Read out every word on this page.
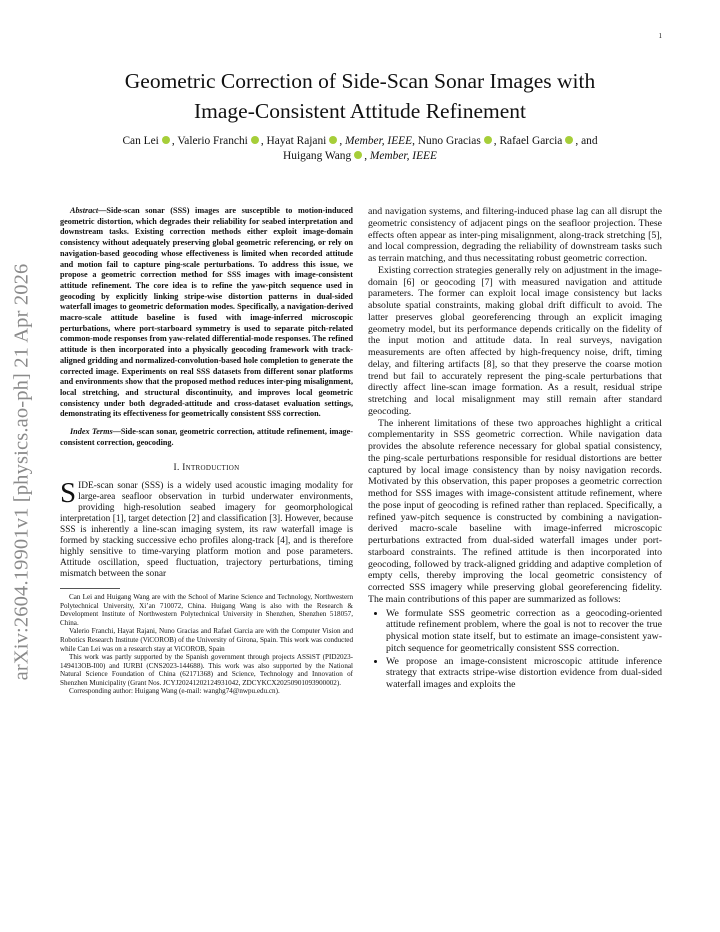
1
arXiv:2604.19901v1 [physics.ao-ph] 21 Apr 2026
Geometric Correction of Side-Scan Sonar Images with
Image-Consistent Attitude Refinement
Can Lei , Valerio Franchi , Hayat Rajani , Member, IEEE, Nuno Gracias , Rafael Garcia , and
Huigang Wang , Member, IEEE

Abstract—Side-scan sonar (SSS) images are susceptible to motion-induced geometric distortion, which degrades their reliability for seabed interpretation and downstream tasks. Existing correction methods either exploit image-domain consistency without adequately preserving global geometric referencing, or rely on navigation-based geocoding whose effectiveness is limited when recorded attitude and motion fail to capture ping-scale perturbations. To address this issue, we propose a geometric correction method for SSS images with image-consistent attitude refinement. The core idea is to refine the yaw-pitch sequence used in geocoding by explicitly linking stripe-wise distortion patterns in dual-sided waterfall images to geometric deformation modes. Specifically, a navigation-derived macro-scale attitude baseline is fused with image-inferred microscopic perturbations, where port-starboard symmetry is used to separate pitch-related common-mode responses from yaw-related differential-mode responses. The refined attitude is then incorporated into a physically geocoding framework with track-aligned gridding and normalized-convolution-based hole completion to generate the corrected image. Experiments on real SSS datasets from different sonar platforms and environments show that the proposed method reduces inter-ping misalignment, local stretching, and structural discontinuity, and improves local geometric consistency under both degraded-attitude and cross-dataset evaluation settings, demonstrating its effectiveness for geometrically consistent SSS correction.

Index Terms—Side-scan sonar, geometric correction, attitude refinement, image-consistent correction, geocoding.

I. Introduction

SIDE-scan sonar (SSS) is a widely used acoustic imaging modality for large-area seafloor observation in turbid underwater environments, providing high-resolution seabed imagery for geomorphological interpretation [1], target detection [2] and classification [3]. However, because SSS is inherently a line-scan imaging system, its raw waterfall image is formed by stacking successive echo profiles along-track [4], and is therefore highly sensitive to time-varying platform motion and pose parameters. Attitude oscillation, speed fluctuation, trajectory perturbations, timing mismatch between the sonar

Can Lei and Huigang Wang are with the School of Marine Science and Technology, Northwestern Polytechnical University, Xi’an 710072, China. Huigang Wang is also with the Research & Development Institute of Northwestern Polytechnical University in Shenzhen, Shenzhen 518057, China.

Valerio Franchi, Hayat Rajani, Nuno Gracias and Rafael Garcia are with the Computer Vision and Robotics Research Institute (ViCOROB) of the University of Girona, Spain. This work was conducted while Can Lei was on a research stay at ViCOROB, Spain

This work was partly supported by the Spanish government through projects ASSiST (PID2023-149413OB-I00) and IURBI (CNS2023-144688). This work was also supported by the National Natural Science Foundation of China (62171368) and Science, Technology and Innovation of Shenzhen Municipality (Grant Nos. JCYJ20241202124931042, ZDCYKCX20250901093900002).

Corresponding author: Huigang Wang (e-mail: wanghg74@nwpu.edu.cn).

and navigation systems, and filtering-induced phase lag can all disrupt the geometric consistency of adjacent pings on the seafloor projection. These effects often appear as inter-ping misalignment, along-track stretching [5], and local compression, degrading the reliability of downstream tasks such as terrain matching, and thus necessitating robust geometric correction.

Existing correction strategies generally rely on adjustment in the image-domain [6] or geocoding [7] with measured navigation and attitude parameters. The former can exploit local image consistency but lacks absolute spatial constraints, making global drift difficult to avoid. The latter preserves global georeferencing through an explicit imaging geometry model, but its performance depends critically on the fidelity of the input motion and attitude data. In real surveys, navigation measurements are often affected by high-frequency noise, drift, timing delay, and filtering artifacts [8], so that they preserve the coarse motion trend but fail to accurately represent the ping-scale perturbations that directly affect line-scan image formation. As a result, residual stripe stretching and local misalignment may still remain after standard geocoding.

The inherent limitations of these two approaches highlight a critical complementarity in SSS geometric correction. While navigation data provides the absolute reference necessary for global spatial consistency, the ping-scale perturbations responsible for residual distortions are better captured by local image consistency than by noisy navigation records. Motivated by this observation, this paper proposes a geometric correction method for SSS images with image-consistent attitude refinement, where the pose input of geocoding is refined rather than replaced. Specifically, a refined yaw-pitch sequence is constructed by combining a navigation-derived macro-scale baseline with image-inferred microscopic perturbations extracted from dual-sided waterfall images under port-starboard constraints. The refined attitude is then incorporated into geocoding, followed by track-aligned gridding and adaptive completion of empty cells, thereby improving the local geometric consistency of corrected SSS imagery while preserving global georeferencing fidelity. The main contributions of this paper are summarized as follows:

• We formulate SSS geometric correction as a geocoding-oriented attitude refinement problem, where the goal is not to recover the true physical motion state itself, but to estimate an image-consistent yaw-pitch sequence for geometrically consistent SSS correction.
• We propose an image-consistent microscopic attitude inference strategy that extracts stripe-wise distortion evidence from dual-sided waterfall images and exploits the
